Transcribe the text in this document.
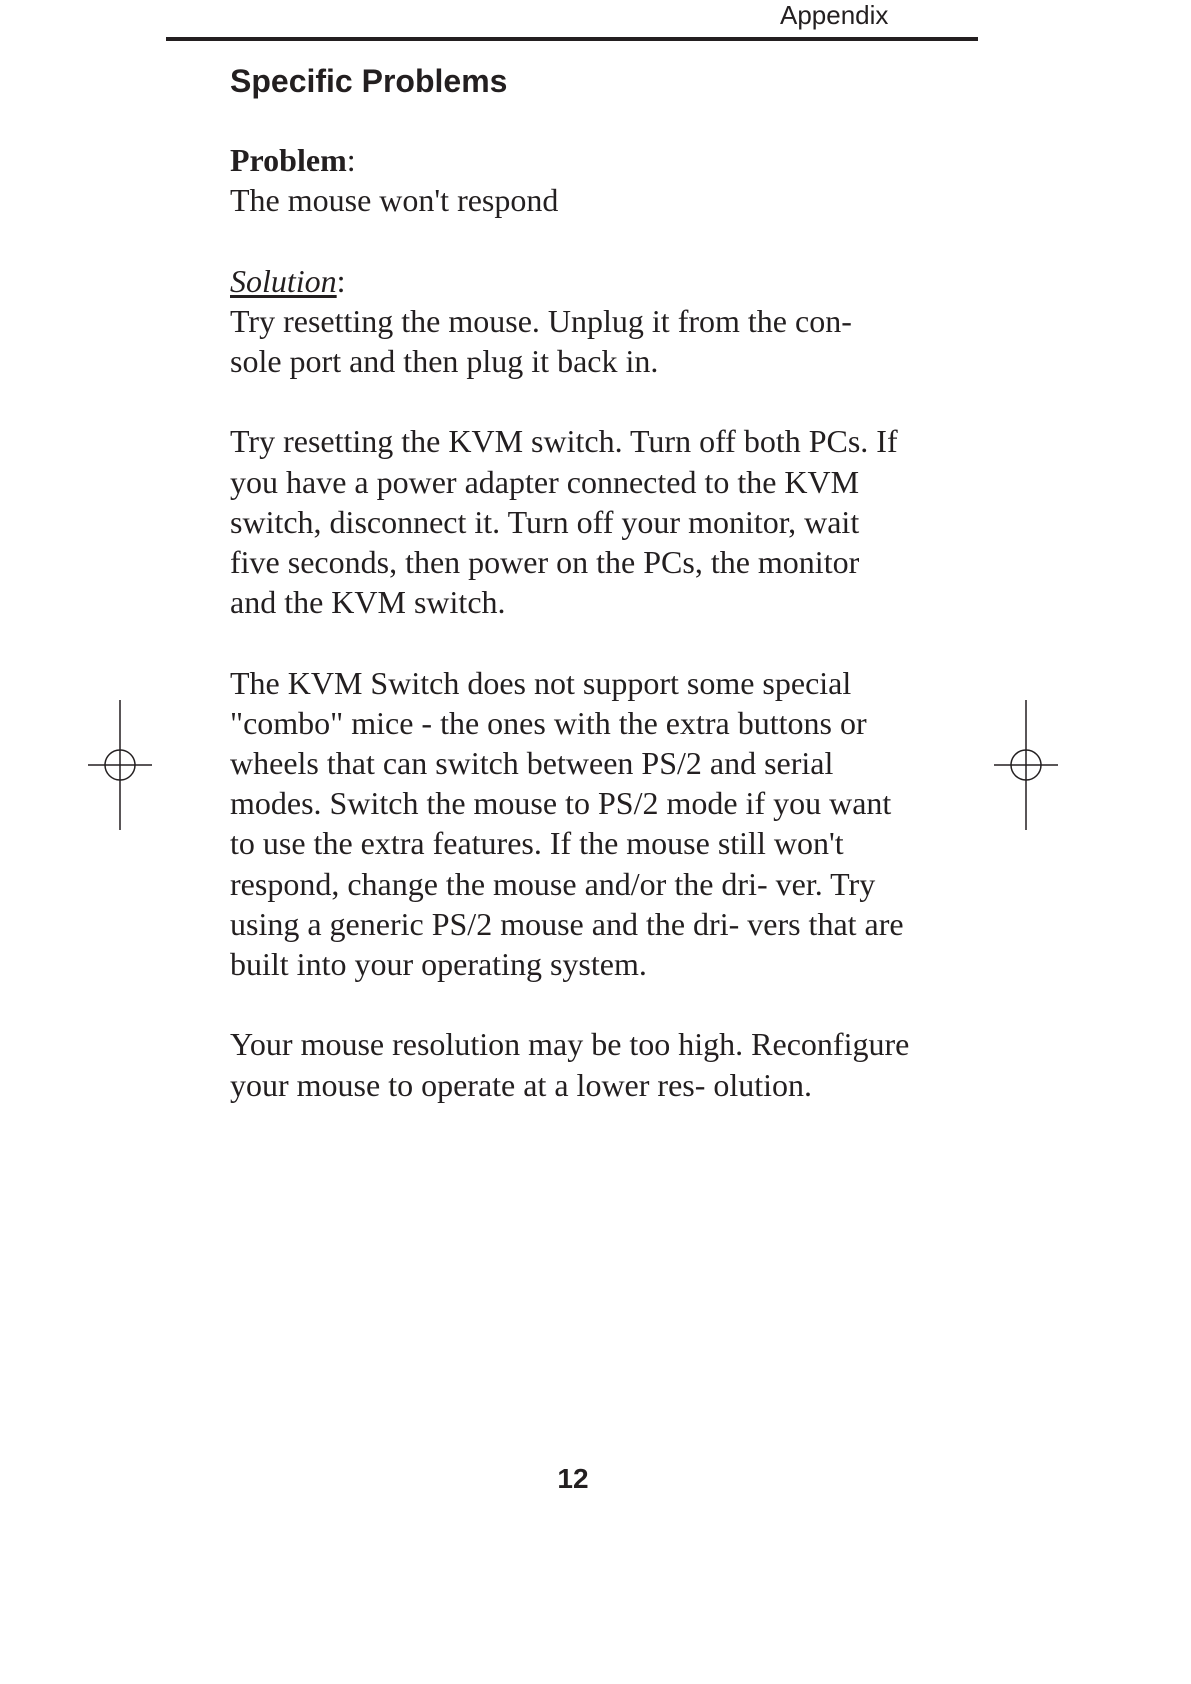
Appendix
Specific Problems

Problem:
The mouse won't respond

Solution:
Try resetting the mouse. Unplug it from the con- sole port and then plug it back in.

Try resetting the KVM switch. Turn off both PCs. If you have a power adapter connected to the KVM switch, disconnect it. Turn off your monitor, wait five seconds, then power on the PCs, the monitor and the KVM switch.

The KVM Switch does not support some special "combo" mice - the ones with the extra buttons or wheels that can switch between PS/2 and serial modes. Switch the mouse to PS/2 mode if you want to use the extra features. If the mouse still won't respond, change the mouse and/or the dri- ver. Try using a generic PS/2 mouse and the dri- vers that are built into your operating system.

Your mouse resolution may be too high. Reconfigure your mouse to operate at a lower res- olution.

12
